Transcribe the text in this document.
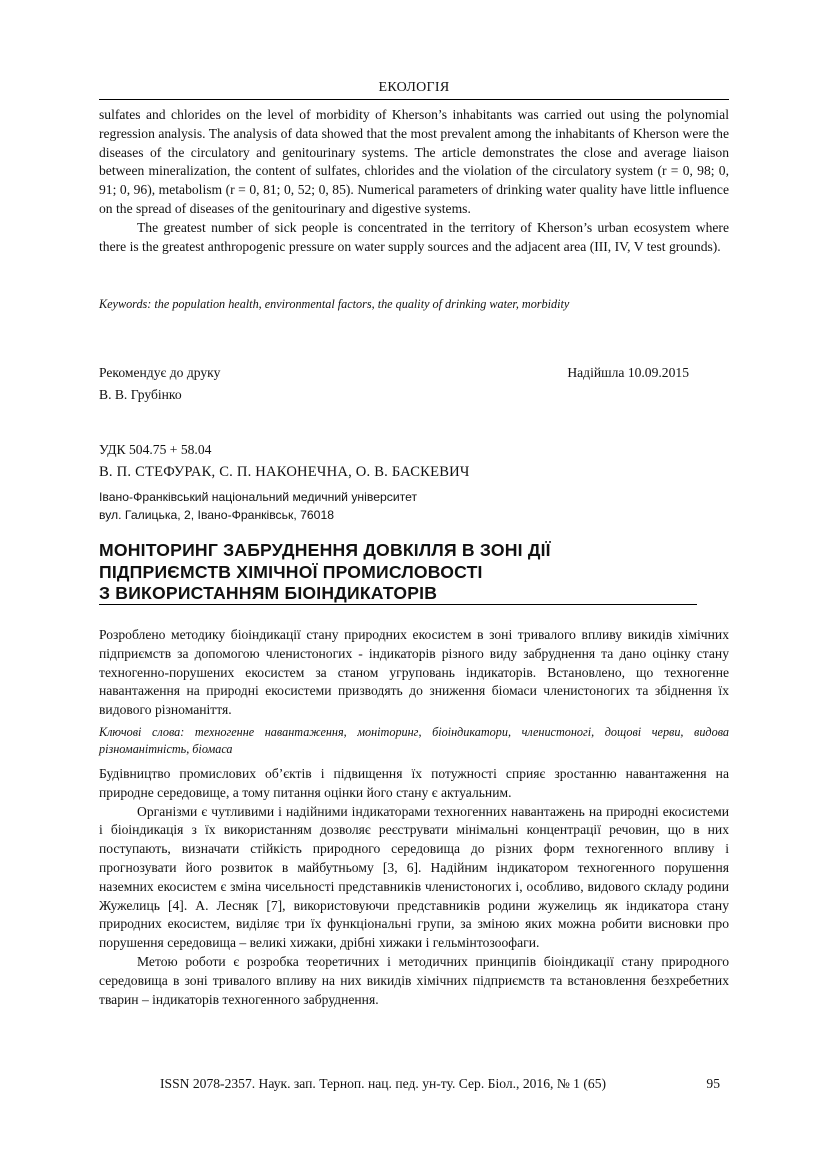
ЕКОЛОГІЯ

sulfates and chlorides on the level of morbidity of Kherson’s inhabitants was carried out using the polynomial regression analysis. The analysis of data showed that the most prevalent among the inhabitants of Kherson were the diseases of the circulatory and genitourinary systems. The article demonstrates the close and average liaison between mineralization, the content of sulfates, chlorides and the violation of the circulatory system (r = 0, 98; 0, 91; 0, 96), metabolism (r = 0, 81; 0, 52; 0, 85). Numerical parameters of drinking water quality have little influence on the spread of diseases of the genitourinary and digestive systems.

The greatest number of sick people is concentrated in the territory of Kherson’s urban ecosystem where there is the greatest anthropogenic pressure on water supply sources and the adjacent area (III, IV, V test grounds).

Keywords: the population health, environmental factors, the quality of drinking water, morbidity
Рекомендує до друку	Надійшла 10.09.2015
В. В. Грубінко
УДК 504.75 + 58.04
В. П. СТЕФУРАК, С. П. НАКОНЕЧНА, О. В. БАСКЕВИЧ
Івано-Франківський національний медичний університет
вул. Галицька, 2, Івано-Франківськ, 76018
МОНІТОРИНГ ЗАБРУДНЕННЯ ДОВКІЛЛЯ В ЗОНІ ДІЇ
ПІДПРИЄМСТВ ХІМІЧНОЇ ПРОМИСЛОВОСТІ
З ВИКОРИСТАННЯМ БІОІНДИКАТОРІВ

Розроблено методику біоіндикації стану природних екосистем в зоні тривалого впливу викидів хімічних підприємств за допомогою членистоногих - індикаторів різного виду забруднення та дано оцінку стану техногенно-порушених екосистем за станом угруповань індикаторів. Встановлено, що техногенне навантаження на природні екосистеми призводять до зниження біомаси членистоногих та збіднення їх видового різноманіття.

Ключові слова: техногенне навантаження, моніторинг, біоіндикатори, членистоногі, дощові черви, видова різноманітність, біомаса

Будівництво промислових об’єктів і підвищення їх потужності сприяє зростанню навантаження на природне середовище, а тому питання оцінки його стану є актуальним.

Організми є чутливими і надійними індикаторами техногенних навантажень на природні екосистеми і біоіндикація з їх використанням дозволяє реєструвати мінімальні концентрації речовин, що в них поступають, визначати стійкість природного середовища до різних форм техногенного впливу і прогнозувати його розвиток в майбутньому [3, 6]. Надійним індикатором техногенного порушення наземних екосистем є зміна чисельності представників членистоногих і, особливо, видового складу родини Жужелиць [4]. А. Лесняк [7], використовуючи представників родини жужелиць як індикатора стану природних екосистем, виділяє три їх функціональні групи, за зміною яких можна робити висновки про порушення середовища – великі хижаки, дрібні хижаки і гельмінтозоофаги.

Метою роботи є розробка теоретичних і методичних принципів біоіндикації стану природного середовища в зоні тривалого впливу на них викидів хімічних підприємств та встановлення безхребетних тварин – індикаторів техногенного забруднення.

ISSN 2078-2357. Наук. зап. Терноп. нац. пед. ун-ту. Сер. Біол., 2016, № 1 (65)	95
